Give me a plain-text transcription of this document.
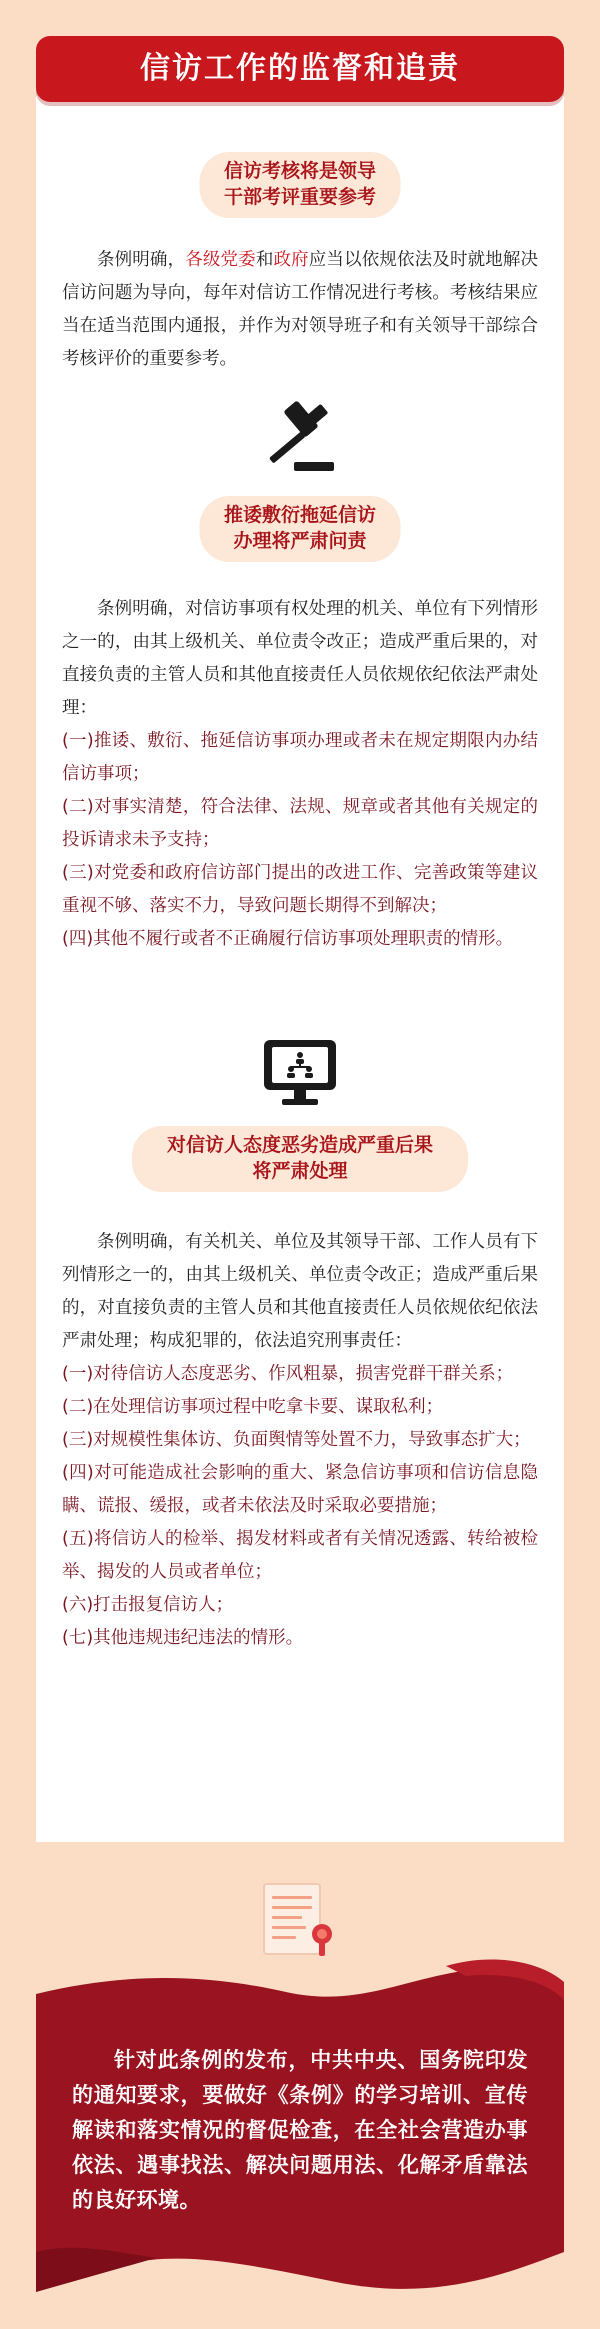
信访考核将是领导
干部考评重要参考

条例明确，各级党委和政府应当以依规依法及时就地解决信访问题为导向，每年对信访工作情况进行考核。考核结果应当在适当范围内通报，并作为对领导班子和有关领导干部综合考核评价的重要参考。

推诿敷衍拖延信访
办理将严肃问责

条例明确，对信访事项有权处理的机关、单位有下列情形之一的，由其上级机关、单位责令改正；造成严重后果的，对直接负责的主管人员和其他直接责任人员依规依纪依法严肃处理：

(一)推诿、敷衍、拖延信访事项办理或者未在规定期限内办结信访事项；

(二)对事实清楚，符合法律、法规、规章或者其他有关规定的投诉请求未予支持；

(三)对党委和政府信访部门提出的改进工作、完善政策等建议重视不够、落实不力，导致问题长期得不到解决；

(四)其他不履行或者不正确履行信访事项处理职责的情形。

对信访人态度恶劣造成严重后果
将严肃处理

条例明确，有关机关、单位及其领导干部、工作人员有下列情形之一的，由其上级机关、单位责令改正；造成严重后果的，对直接负责的主管人员和其他直接责任人员依规依纪依法严肃处理；构成犯罪的，依法追究刑事责任：

(一)对待信访人态度恶劣、作风粗暴，损害党群干群关系；

(二)在处理信访事项过程中吃拿卡要、谋取私利；

(三)对规模性集体访、负面舆情等处置不力，导致事态扩大；

(四)对可能造成社会影响的重大、紧急信访事项和信访信息隐瞒、谎报、缓报，或者未依法及时采取必要措施；

(五)将信访人的检举、揭发材料或者有关情况透露、转给被检举、揭发的人员或者单位；

(六)打击报复信访人；

(七)其他违规违纪违法的情形。

信访工作的监督和追责
针对此条例的发布，中共中央、国务院印发的通知要求，要做好《条例》的学习培训、宣传解读和落实情况的督促检查，在全社会营造办事依法、遇事找法、解决问题用法、化解矛盾靠法的良好环境。
